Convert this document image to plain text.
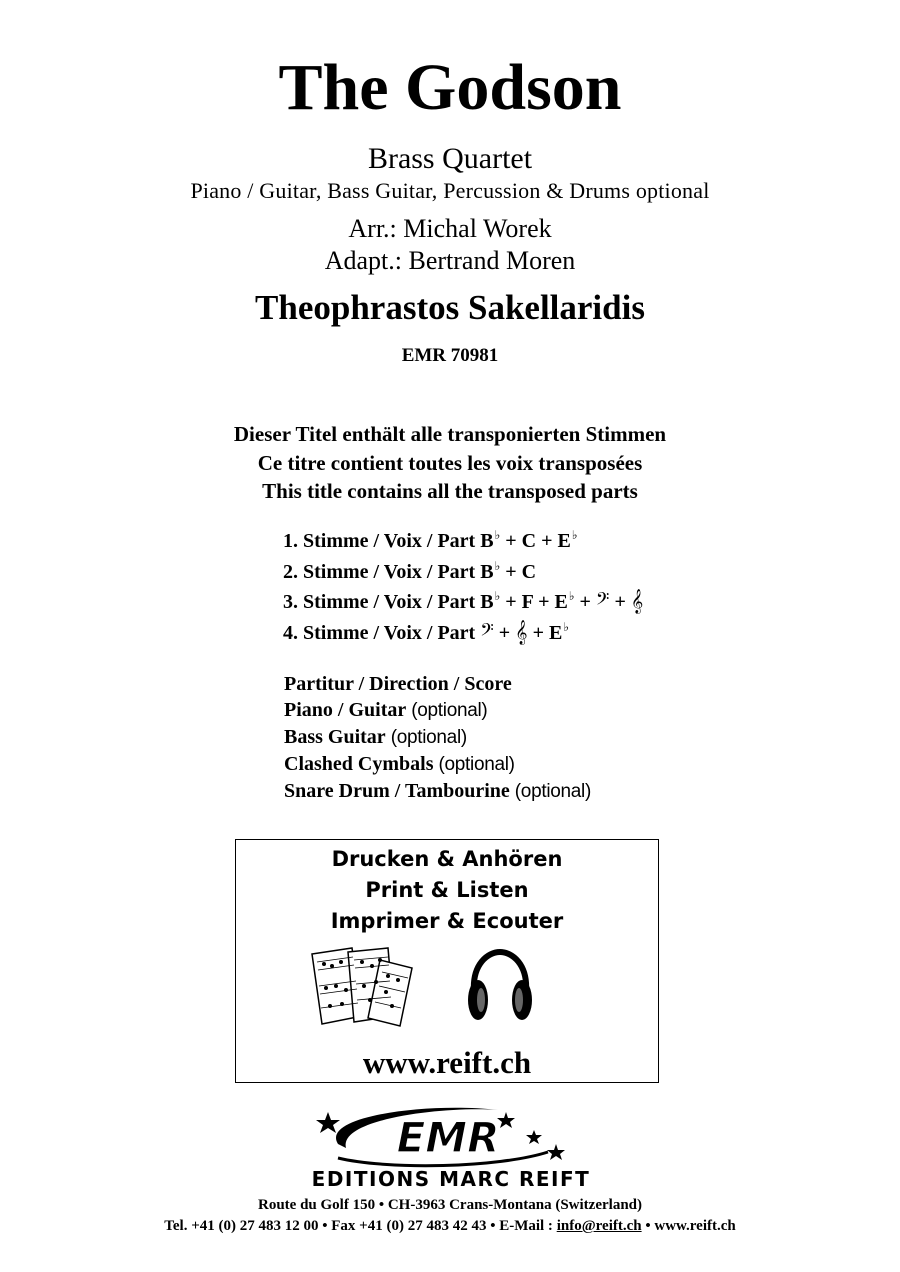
The Godson
Brass Quartet
Piano / Guitar, Bass Guitar, Percussion & Drums optional
Arr.: Michal Worek
Adapt.: Bertrand Moren
Theophrastos Sakellaridis
EMR 70981
Dieser Titel enthält alle transponierten Stimmen
Ce titre contient toutes les voix transposées
This title contains all the transposed parts
1. Stimme / Voix / Part B♭ + C + E♭
2. Stimme / Voix / Part B♭ + C
3. Stimme / Voix / Part B♭ + F + E♭ + 𝄢 + 𝄞
4. Stimme / Voix / Part 𝄢 + 𝄞 + E♭
Partitur / Direction / Score
Piano / Guitar (optional)
Bass Guitar (optional)
Clashed Cymbals (optional)
Snare Drum / Tambourine (optional)
Drucken & Anhören
Print & Listen
Imprimer & Ecouter
www.reift.ch
EMR
EDITIONS MARC REIFT
Route du Golf 150 • CH-3963 Crans-Montana (Switzerland)
Tel. +41 (0) 27 483 12 00 • Fax +41 (0) 27 483 42 43 • E-Mail : info@reift.ch • www.reift.ch
